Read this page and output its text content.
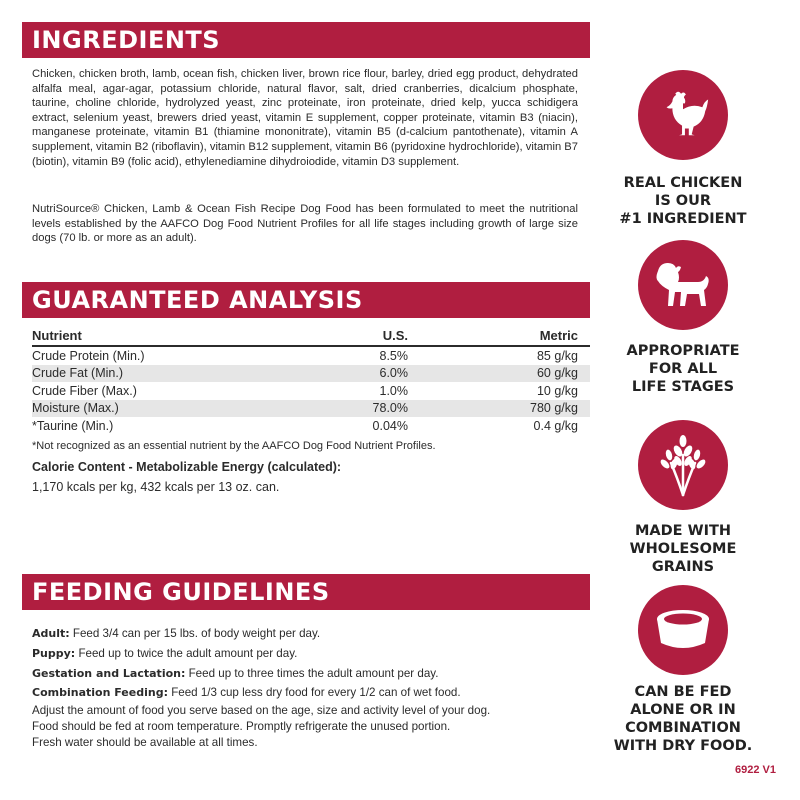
INGREDIENTS

Chicken, chicken broth, lamb, ocean fish, chicken liver, brown rice flour, barley, dried egg product, dehydrated alfalfa meal, agar-agar, potassium chloride, natural flavor, salt, dried cranberries, dicalcium phosphate, taurine, choline chloride, hydrolyzed yeast, zinc proteinate, iron proteinate, dried kelp, yucca schidigera extract, selenium yeast, brewers dried yeast, vitamin E supplement, copper proteinate, vitamin B3 (niacin), manganese proteinate, vitamin B1 (thiamine mononitrate), vitamin B5 (d-calcium pantothenate), vitamin A supplement, vitamin B2 (riboflavin), vitamin B12 supplement, vitamin B6 (pyridoxine hydrochloride), vitamin B7 (biotin), vitamin B9 (folic acid), ethylenediamine dihydroiodide, vitamin D3 supplement.

NutriSource® Chicken, Lamb & Ocean Fish Recipe Dog Food has been formulated to meet the nutritional levels established by the AAFCO Dog Food Nutrient Profiles for all life stages including growth of large size dogs (70 lb. or more as an adult).

GUARANTEED ANALYSIS
Nutrient	U.S.	Metric
Crude Protein (Min.)	8.5%	85 g/kg
Crude Fat (Min.)	6.0%	60 g/kg
Crude Fiber (Max.)	1.0%	10 g/kg
Moisture (Max.)	78.0%	780 g/kg
*Taurine (Min.)	0.04%	0.4 g/kg

*Not recognized as an essential nutrient by the AAFCO Dog Food Nutrient Profiles.

Calorie Content - Metabolizable Energy (calculated):

1,170 kcals per kg, 432 kcals per 13 oz. can.

FEEDING GUIDELINES

Adult: Feed 3/4 can per 15 lbs. of body weight per day.

Puppy: Feed up to twice the adult amount per day.

Gestation and Lactation: Feed up to three times the adult amount per day.

Combination Feeding: Feed 1/3 cup less dry food for every 1/2 can of wet food.

Adjust the amount of food you serve based on the age, size and activity level of your dog.

Food should be fed at room temperature. Promptly refrigerate the unused portion.

Fresh water should be available at all times.

REAL CHICKEN
IS OUR
#1 INGREDIENT
APPROPRIATE
FOR ALL
LIFE STAGES
MADE WITH
WHOLESOME
GRAINS
CAN BE FED
ALONE OR IN
COMBINATION
WITH DRY FOOD.
6922 V1
